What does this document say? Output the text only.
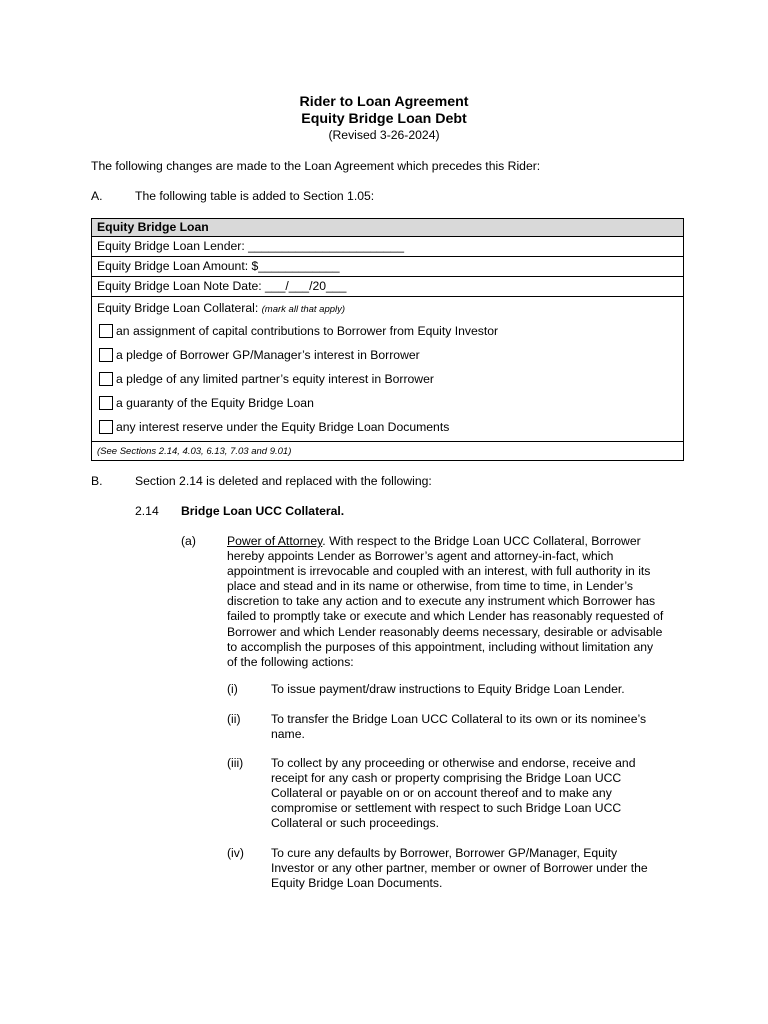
Rider to Loan Agreement
Equity Bridge Loan Debt
(Revised 3-26-2024)
The following changes are made to the Loan Agreement which precedes this Rider:
A.	The following table is added to Section 1.05:
Equity Bridge Loan
Equity Bridge Loan Lender: _______________________
Equity Bridge Loan Amount: $____________
Equity Bridge Loan Note Date: ___/___/20___

Equity Bridge Loan Collateral: (mark all that apply)
an assignment of capital contributions to Borrower from Equity Investor
a pledge of Borrower GP/Manager’s interest in Borrower
a pledge of any limited partner’s equity interest in Borrower
a guaranty of the Equity Bridge Loan
any interest reserve under the Equity Bridge Loan Documents

(See Sections 2.14, 4.03, 6.13, 7.03 and 9.01)
B.	Section 2.14 is deleted and replaced with the following:
2.14 Bridge Loan UCC Collateral.
(a)	Power of Attorney. With respect to the Bridge Loan UCC Collateral, Borrower
hereby appoints Lender as Borrower’s agent and attorney-in-fact, which
appointment is irrevocable and coupled with an interest, with full authority in its
place and stead and in its name or otherwise, from time to time, in Lender’s
discretion to take any action and to execute any instrument which Borrower has
failed to promptly take or execute and which Lender has reasonably requested of
Borrower and which Lender reasonably deems necessary, desirable or advisable
to accomplish the purposes of this appointment, including without limitation any
of the following actions:
(i)	To issue payment/draw instructions to Equity Bridge Loan Lender.
(ii) To transfer the Bridge Loan UCC Collateral to its own or its nominee’s
name.
(iii) To collect by any proceeding or otherwise and endorse, receive and
receipt for any cash or property comprising the Bridge Loan UCC
Collateral or payable on or on account thereof and to make any
compromise or settlement with respect to such Bridge Loan UCC
Collateral or such proceedings.
(iv) To cure any defaults by Borrower, Borrower GP/Manager, Equity
Investor or any other partner, member or owner of Borrower under the
Equity Bridge Loan Documents.
